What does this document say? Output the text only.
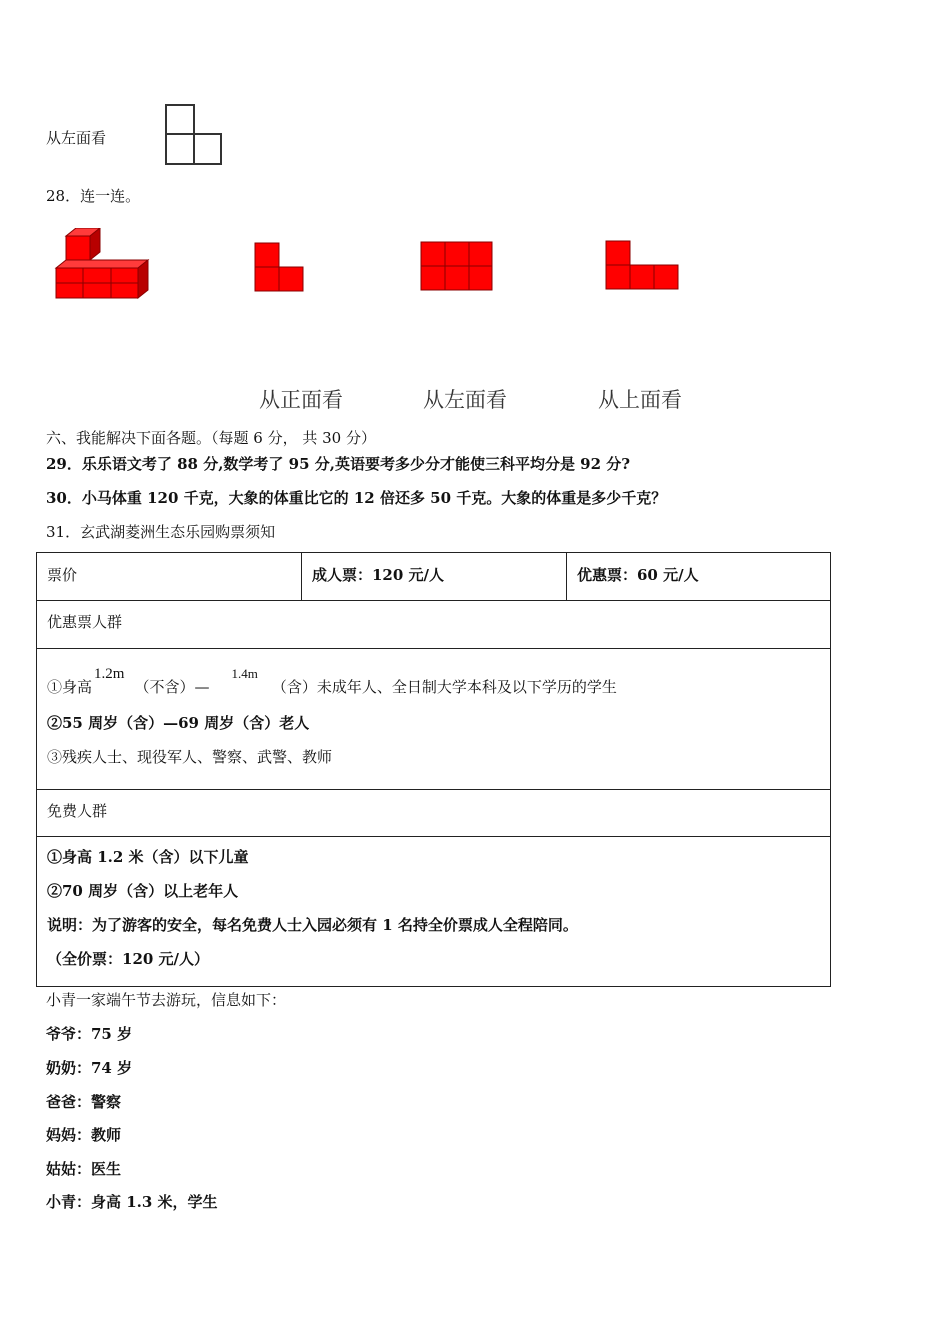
从左面看
28．连一连。
从正面看	从左面看	从上面看
六、我能解决下面各题。（每题 6 分， 共 30 分）
29．乐乐语文考了 88 分,数学考了 95 分,英语要考多少分才能使三科平均分是 92 分?
30．小马体重 120 千克，大象的体重比它的 12 倍还多 50 千克。大象的体重是多少千克？
31．玄武湖菱洲生态乐园购票须知
票价	成人票：120 元/人	优惠票：60 元/人
优惠票人群

①身高1.2m（不含）—1.4m（含）未成年人、全日制大学本科及以下学历的学生
②55 周岁（含）—69 周岁（含）老人
③残疾人士、现役军人、警察、武警、教师

免费人群

①身高 1.2 米（含）以下儿童
②70 周岁（含）以上老年人
说明：为了游客的安全，每名免费人士入园必须有 1 名持全价票成人全程陪同。
（全价票：120 元/人）
小青一家端午节去游玩，信息如下：
爷爷：75 岁
奶奶：74 岁
爸爸：警察
妈妈：教师
姑姑：医生
小青：身高 1.3 米，学生
